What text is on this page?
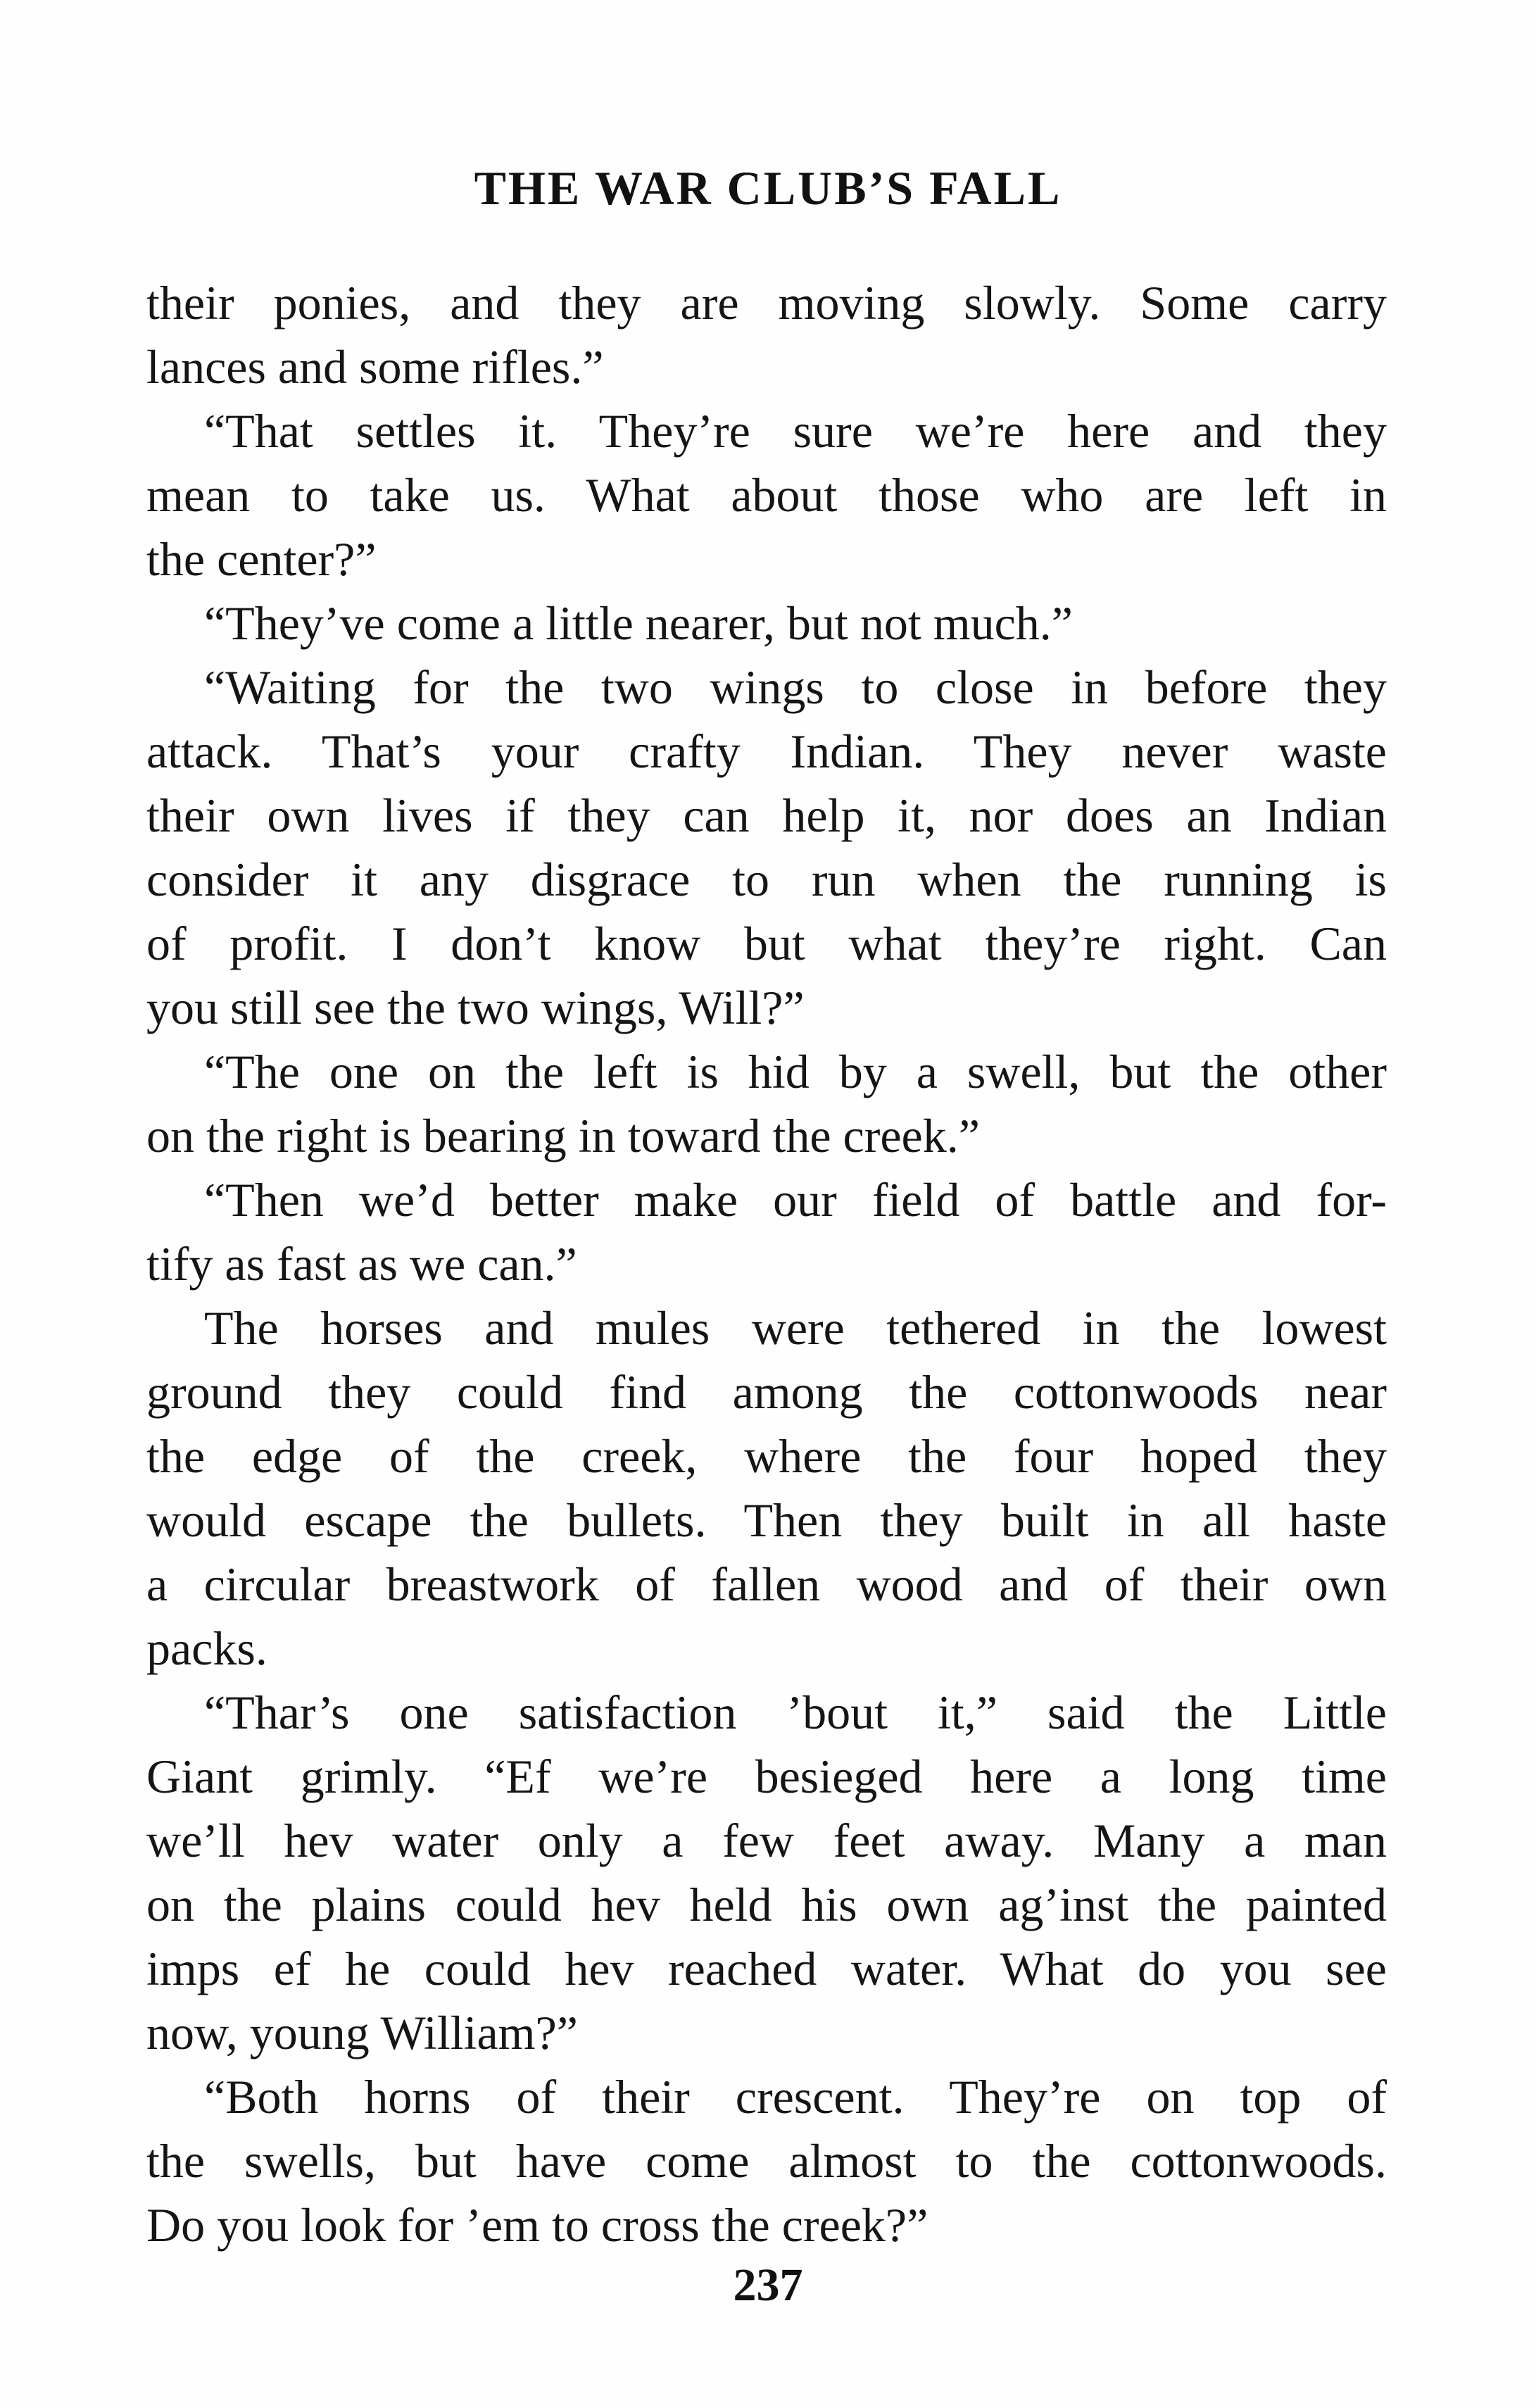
THE WAR CLUB’S FALL
their ponies, and they are moving slowly. Some carry
lances and some rifles.”
“That settles it. They’re sure we’re here and they
mean to take us. What about those who are left in
the center?”
“They’ve come a little nearer, but not much.”
“Waiting for the two wings to close in before they
attack. That’s your crafty Indian. They never waste
their own lives if they can help it, nor does an Indian
consider it any disgrace to run when the running is
of profit. I don’t know but what they’re right. Can
you still see the two wings, Will?”
“The one on the left is hid by a swell, but the other
on the right is bearing in toward the creek.”
“Then we’d better make our field of battle and for-
tify as fast as we can.”
The horses and mules were tethered in the lowest
ground they could find among the cottonwoods near
the edge of the creek, where the four hoped they
would escape the bullets. Then they built in all haste
a circular breastwork of fallen wood and of their own
packs.
“Thar’s one satisfaction ’bout it,” said the Little
Giant grimly. “Ef we’re besieged here a long time
we’ll hev water only a few feet away. Many a man
on the plains could hev held his own ag’inst the painted
imps ef he could hev reached water. What do you see
now, young William?”
“Both horns of their crescent. They’re on top of
the swells, but have come almost to the cottonwoods.
Do you look for ’em to cross the creek?”
237
